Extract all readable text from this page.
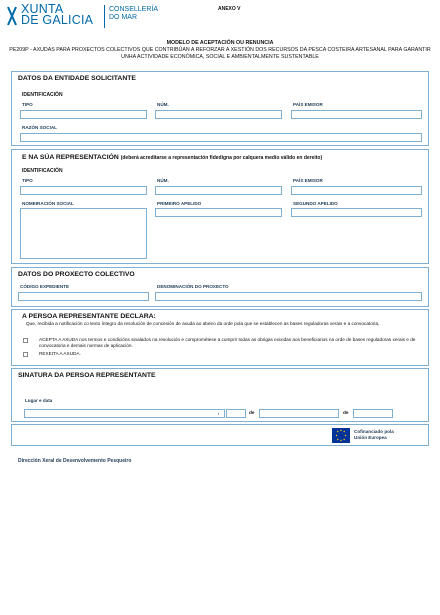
XUNTA
DE GALICIA
CONSELLERÍA
DO MAR
ANEXO V
MODELO DE ACEPTACIÓN OU RENUNCIA
PE209P - AXUDAS PARA PROXECTOS COLECTIVOS QUE CONTRIBÚAN A REFORZAR A XESTIÓN DOS RECURSOS DA PESCA COSTEIRA ARTESANAL PARA GARANTIR UNHA ACTIVIDADE ECONÓMICA, SOCIAL E AMBIENTALMENTE SUSTENTABLE
DATOS DA ENTIDADE SOLICITANTE
IDENTIFICACIÓN
TIPO	NÚM.	PAÍS EMISOR
RAZÓN SOCIAL
E NA SÚA REPRESENTACIÓN (deberá acreditarse a representación fidedigna por calquera medio válido en dereito)
IDENTIFICACIÓN
TIPO	NÚM.	PAÍS EMISOR
NOMEIRACIÓN SOCIAL	PRIMEIRO APELIDO	SEGUNDO APELIDO
DATOS DO PROXECTO COLECTIVO
CÓDIGO EXPEDIENTE	DENOMINACIÓN DO PROXECTO
A PERSOA REPRESENTANTE DECLARA:
Que, recibida a notificación co texto íntegro da resolución de concesión de axuda ao abeiro da orde pola que se establecen as bases reguladoras xerais e a convocatoria,
ACEPTA A AXUDA nos termos e condicións sinalados na resolución e comprométese a cumprir todas as obrigas exixidas aos beneficiarios na orde de bases reguladoras xerais e de convocatoria e demais normas de aplicación.
REXEITA A AXUDA.
SINATURA DA PERSOA REPRESENTANTE
Lugar e data
,	de	de
Cofinanciado pola
Unión Europea
Dirección Xeral de Desenvolvemento Pesqueiro
